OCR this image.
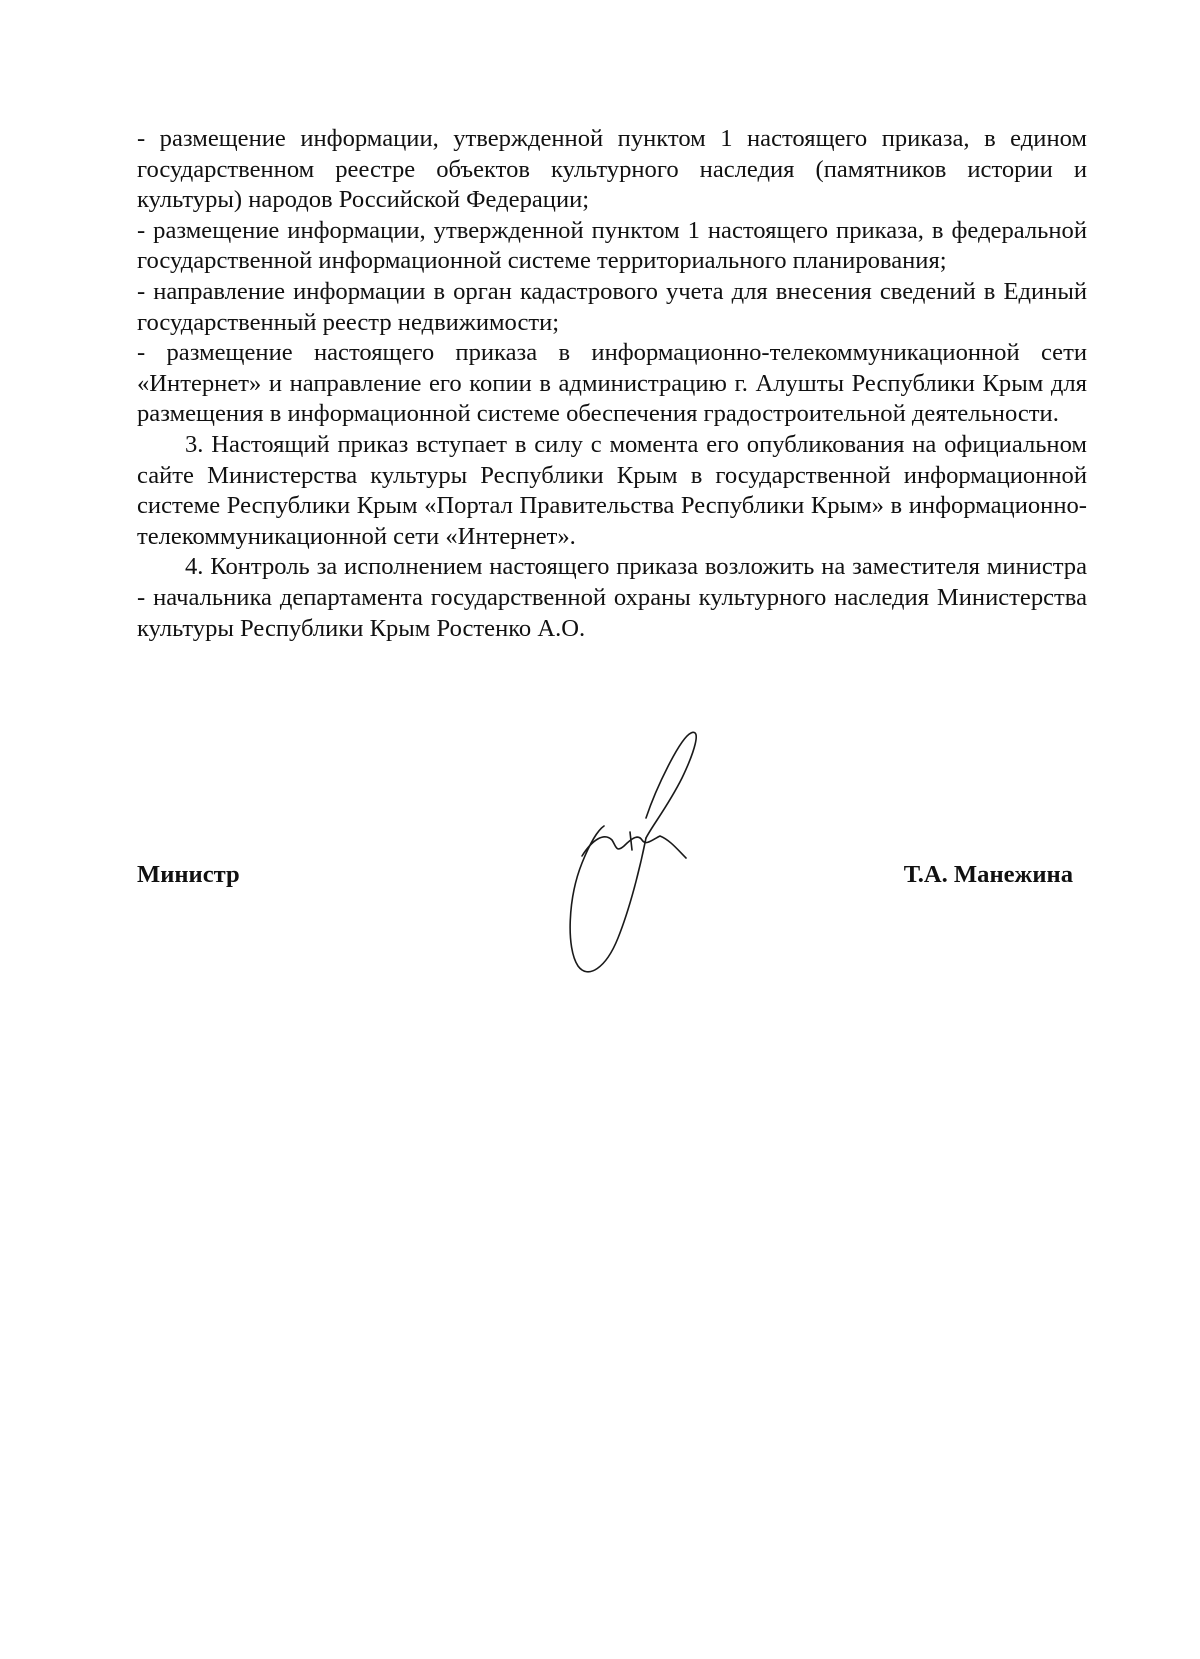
- размещение информации, утвержденной пунктом 1 настоящего приказа, в едином государственном реестре объектов культурного наследия (памятников истории и культуры) народов Российской Федерации;

- размещение информации, утвержденной пунктом 1 настоящего приказа, в федеральной государственной информационной системе территориального планирования;

- направление информации в орган кадастрового учета для внесения сведений в Единый государственный реестр недвижимости;

- размещение настоящего приказа в информационно-телекоммуникационной сети «Интернет» и направление его копии в администрацию г. Алушты Республики Крым для размещения в информационной системе обеспечения градостроительной деятельности.

3. Настоящий приказ вступает в силу с момента его опубликования на официальном сайте Министерства культуры Республики Крым в государственной информационной системе Республики Крым «Портал Правительства Республики Крым» в информационно-телекоммуникационной сети «Интернет».

4. Контроль за исполнением настоящего приказа возложить на заместителя министра - начальника департамента государственной охраны культурного наследия Министерства культуры Республики Крым Ростенко А.О.

Министр	Т.А. Манежина
